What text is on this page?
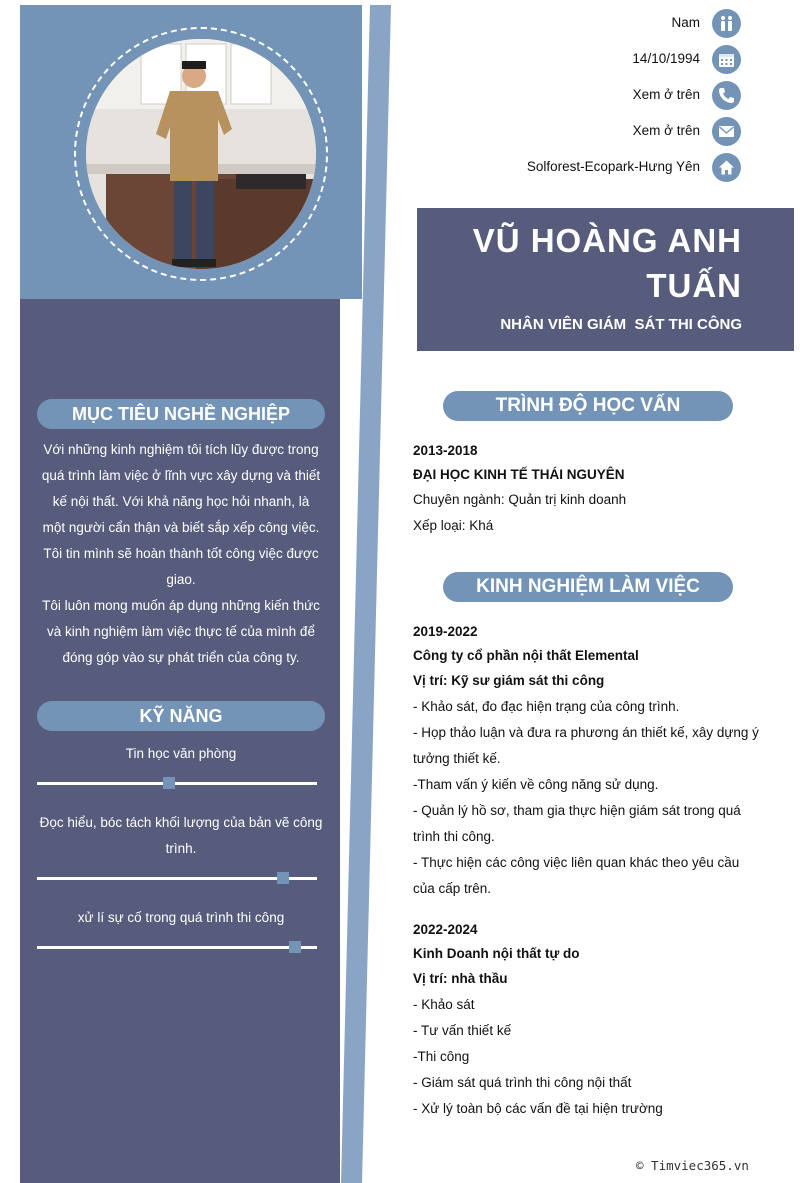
MỤC TIÊU NGHỀ NGHIỆP
Với những kinh nghiệm tôi tích lũy được trong
quá trình làm việc ở lĩnh vực xây dựng và thiết
kế nội thất. Với khả năng học hỏi nhanh, là
một người cẩn thận và biết sắp xếp công việc.
Tôi tin mình sẽ hoàn thành tốt công việc được
giao.
Tôi luôn mong muốn áp dụng những kiến thức
và kinh nghiệm làm việc thực tế của mình để
đóng góp vào sự phát triển của công ty.
KỸ NĂNG
Tin học văn phòng
Đọc hiểu, bóc tách khối lượng của bản vẽ công
trình.
xử lí sự cố trong quá trình thi công
Nam
14/10/1994
Xem ở trên
Xem ở trên
Solforest-Ecopark-Hưng Yên
VŨ HOÀNG ANH
TUẤN
NHÂN VIÊN GIÁM  SÁT THI CÔNG
TRÌNH ĐỘ HỌC VẤN
2013-2018
ĐẠI HỌC KINH TẾ THÁI NGUYÊN
Chuyên ngành: Quản trị kinh doanh
Xếp loại: Khá
KINH NGHIỆM LÀM VIỆC
2019-2022
Công ty cổ phần nội thất Elemental
Vị trí: Kỹ sư giám sát thi công
- Khảo sát, đo đạc hiện trạng của công trình.
- Họp thảo luận và đưa ra phương án thiết kế, xây dựng ý
tưởng thiết kế.
-Tham vấn ý kiến về công năng sử dụng.
- Quản lý hồ sơ, tham gia thực hiện giám sát trong quá
trình thi công.
- Thực hiện các công việc liên quan khác theo yêu cầu
của cấp trên.
2022-2024
Kinh Doanh nội thất tự do
Vị trí: nhà thầu
- Khảo sát
- Tư vấn thiết kế
-Thi công
- Giám sát quá trình thi công nội thất
- Xử lý toàn bộ các vấn đề tại hiện trường
© Timviec365.vn
